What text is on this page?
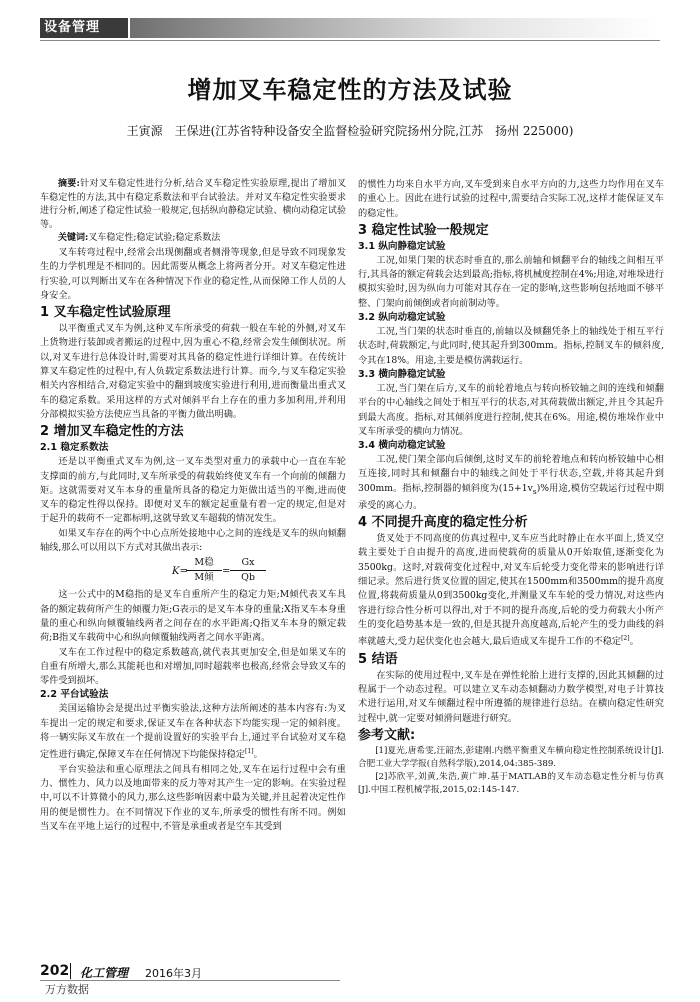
设备管理
增加叉车稳定性的方法及试验
王寅源　王保进(江苏省特种设备安全监督检验研究院扬州分院,江苏　扬州 225000)

摘要:针对叉车稳定性进行分析,结合叉车稳定性实验原理,提出了增加叉车稳定性的方法,其中有稳定系数法和平台试验法。并对叉车稳定性实验要求进行分析,阐述了稳定性试验一般规定,包括纵向静稳定试验、横向动稳定试验等。

关键词:叉车稳定性;稳定试验;稳定系数法

叉车转弯过程中,经常会出现侧翻或者侧滑等现象,但是导致不同现象发生的力学机理是不相同的。因此需要从概念上将两者分开。对叉车稳定性进行实验,可以判断出叉车在各种情况下作业的稳定性,从而保障工作人员的人身安全。

1 叉车稳定性试验原理

以平衡重式叉车为例,这种叉车所承受的荷载一般在车轮的外侧,对叉车上货物进行装卸或者搬运的过程中,因为重心不稳,经常会发生倾倒状况。所以,对叉车进行总体设计时,需要对其具备的稳定性进行详细计算。在传统计算叉车稳定性的过程中,有人负载定系数法进行计算。而今,与叉车稳定实验相关内容相结合,对稳定实验中的翻到坡度实验进行利用,进而衡量出重式叉车的稳定系数。采用这样的方式对倾斜平台上存在的重力多加利用,并利用分部模拟实验方法使应当具备的平衡力做出明确。

2 增加叉车稳定性的方法
2.1 稳定系数法

还是以平衡重式叉车为例,这一叉车类型对重力的承载中心一直在车轮支撑面的前方,与此同时,叉车所承受的荷载始终使叉车有一个向前的倾翻力矩。这就需要对叉车本身的重量所具备的稳定力矩做出适当的平衡,进而使叉车的稳定性得以保持。即便对叉车的额定起重量有着一定的规定,但是对于起升的载荷不一定都标明,这就导致叉车超载的情况发生。

如果叉车存在的两个中心点所处接地中心之间的连线是叉车的纵向倾翻轴线,那么可以用以下方式对其做出表示:

K=
M稳
M倾
= $\frac{Gx}{Qb}$

这一公式中的M稳指的是叉车自重所产生的稳定力矩;M倾代表叉车具备的额定载荷所产生的倾覆力矩;G表示的是叉车本身的重量;X指叉车本身重量的重心和纵向倾覆轴线两者之间存在的水平距离;Q指叉车本身的额定载荷;B指叉车载荷中心和纵向倾覆轴线两者之间水平距离。

叉车在工作过程中的稳定系数越高,就代表其更加安全,但是如果叉车的自重有所增大,那么其能耗也和对增加,同时超载率也极高,经常会导致叉车的零件受到损坏。

2.2 平台试验法

美国运输协会是提出过平衡实验法,这种方法所阐述的基本内容有:为叉车提出一定的规定和要求,保证叉车在各种状态下均能实现一定的倾斜度。将一辆实际叉车放在一个提前设置好的实验平台上,通过平台试验对叉车稳定性进行确定,保障叉车在任何情况下均能保持稳定[1]。

平台实验法和重心原理法之间具有相同之处,叉车在运行过程中会有重力、惯性力、风力以及地面带来的反力等对其产生一定的影响。在实验过程中,可以不计算微小的风力,那么这些影响因素中最为关键,并且起着决定性作用的便是惯性力。在不同情况下作业的叉车,所承受的惯性有所不同。例如当叉车在平地上运行的过程中,不管是承重或者是空车其受到

的惯性力均来自水平方向,叉车受到来自水平方向的力,这些力均作用在叉车的重心上。因此在进行试验的过程中,需要结合实际工况,这样才能保证叉车的稳定性。

3 稳定性试验一般规定
3.1 纵向静稳定试验

工况,如果门架的状态时垂直的,那么前轴和倾翻平台的轴线之间相互平行,其具备的额定荷载会达到最高;指标,将机械度控制在4%;用途,对堆垛进行模拟实验时,因为纵向力可能对其存在一定的影响,这些影响包括地面不够平整、门架向前倾倒或者向前制动等。

3.2 纵向动稳定试验

工况,当门架的状态时垂直的,前轴以及倾翻凭条上的轴线处于相互平行状态时,荷载额定,与此同时,使其起升到300mm。指标,控制叉车的倾斜度,令其在18%。用途,主要是模仿满载运行。

3.3 横向静稳定试验

工况,当门架在后方,叉车的前轮着地点与转向桥铰轴之间的连线和倾翻平台的中心轴线之间处于相互平行的状态,对其荷载做出额定,并且令其起升到最大高度。指标,对其倾斜度进行控制,使其在6%。用途,模仿堆垛作业中叉车所承受的横向力情况。

3.4 横向动稳定试验

工况,使门架全部向后倾倒,这时叉车的前轮着地点和转向桥铰轴中心相互连接,同时其和倾翻台中的轴线之间处于平行状态,空载,并将其起升到300mm。指标,控制器的倾斜度为$(15+1v_s)\%$用途,模仿空载运行过程中期承受的离心力。

4 不同提升高度的稳定性分析

货叉处于不同高度的仿真过程中,叉车应当此时静止在水平面上,货叉空载主要处于自由提升的高度,进而使载荷的质量从0开始取值,逐渐变化为3500kg。这时,对载荷变化过程中,对叉车后轮受力变化带来的影响进行详细记录。然后进行货叉位置的固定,使其在1500mm和3500mm的提升高度位置,将载荷质量从0到3500kg变化,并测量叉车车轮的受力情况,对这些内容进行综合性分析可以得出,对于不同的提升高度,后轮的受力荷载大小所产生的变化趋势基本是一致的,但是其提升高度越高,后轮产生的受力曲线的斜率就越大,受力起伏变化也会越大,最后造成叉车提升工作的不稳定[2]。

5 结语

在实际的使用过程中,叉车是在弹性轮胎上进行支撑的,因此其倾翻的过程属于一个动态过程。可以建立叉车动态倾翻动力数学模型,对电子计算技术进行运用,对叉车倾翻过程中所遵循的规律进行总结。在横向稳定性研究过程中,就一定要对倾滑问题进行研究。

参考文献:

[1]夏光,唐希雯,汪韶杰,彭建刚.内燃平衡重叉车横向稳定性控制系统设计[J].合肥工业大学学报(自然科学版),2014,04:385-389.

[2]苏欣平,刘黄,朱浩,黄广坤.基于MATLAB的叉车动态稳定性分析与仿真[J].中国工程机械学报,2015,02:145-147.

202 化工管理 2016年3月
万方数据
